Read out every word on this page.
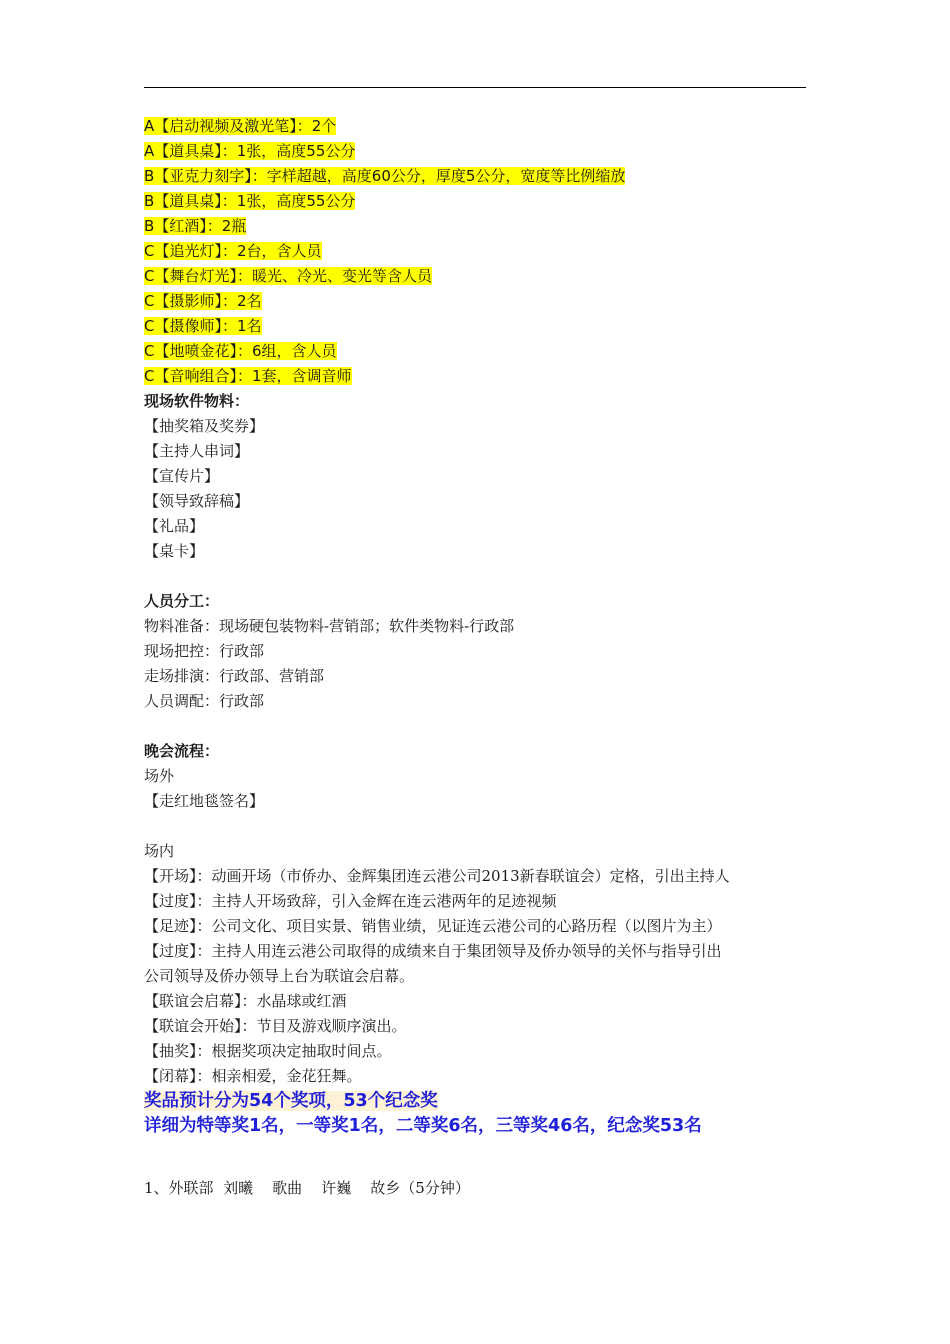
A【启动视频及激光笔】：2个
A【道具桌】：1张，高度55公分
B【亚克力刻字】：字样超越，高度60公分，厚度5公分，宽度等比例缩放
B【道具桌】：1张，高度55公分
B【红酒】：2瓶
C【追光灯】：2台，含人员
C【舞台灯光】：暖光、冷光、变光等含人员
C【摄影师】：2名
C【摄像师】：1名
C【地喷金花】：6组，含人员
C【音响组合】：1套，含调音师
现场软件物料：
【抽奖箱及奖券】
【主持人串词】
【宣传片】
【领导致辞稿】
【礼品】
【桌卡】
人员分工：
物料准备：现场硬包装物料-营销部；软件类物料-行政部
现场把控：行政部
走场排演：行政部、营销部
人员调配：行政部
晚会流程：
场外
【走红地毯签名】
场内
【开场】：动画开场（市侨办、金辉集团连云港公司2013新春联谊会）定格，引出主持人
【过度】：主持人开场致辞，引入金辉在连云港两年的足迹视频
【足迹】：公司文化、项目实景、销售业绩，见证连云港公司的心路历程（以图片为主）
【过度】：主持人用连云港公司取得的成绩来自于集团领导及侨办领导的关怀与指导引出
公司领导及侨办领导上台为联谊会启幕。
【联谊会启幕】：水晶球或红酒
【联谊会开始】：节目及游戏顺序演出。
【抽奖】：根据奖项决定抽取时间点。
【闭幕】：相亲相爱，金花狂舞。
奖品预计分为54个奖项，53个纪念奖
详细为特等奖1名，一等奖1名，二等奖6名，三等奖46名，纪念奖53名
1、外联部  刘曦    歌曲    许巍    故乡（5分钟）
